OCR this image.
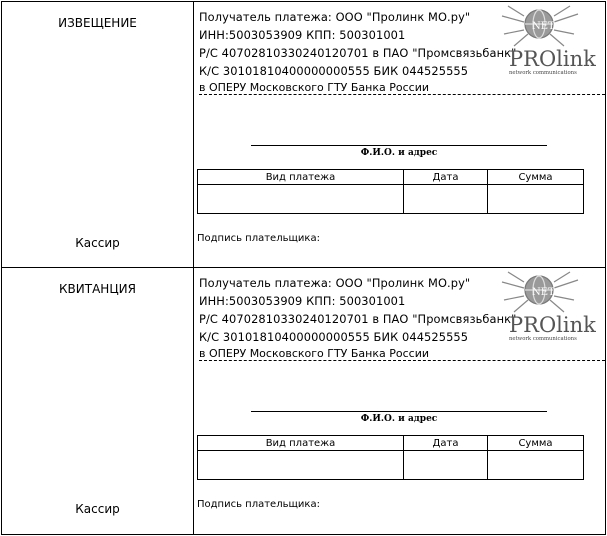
ИЗВЕЩЕНИЕ
Кассир
Получатель платежа: ООО "Пролинк МО.ру"
ИНН:5003053909 КПП: 500301001
Р/С 40702810330240120701 в ПАО "Промсвязьбанк"
К/С 30101810400000000555 БИК 044525555
в ОПЕРУ Московского ГТУ Банка России
NET
PROlink
network communications
Ф.И.О. и адрес
Вид платежа	Дата	Сумма

Подпись плательщика:
КВИТАНЦИЯ
Кассир
Получатель платежа: ООО "Пролинк МО.ру"
ИНН:5003053909 КПП: 500301001
Р/С 40702810330240120701 в ПАО "Промсвязьбанк"
К/С 30101810400000000555 БИК 044525555
в ОПЕРУ Московского ГТУ Банка России
NET
PROlink
network communications
Ф.И.О. и адрес
Вид платежа	Дата	Сумма

Подпись плательщика:
